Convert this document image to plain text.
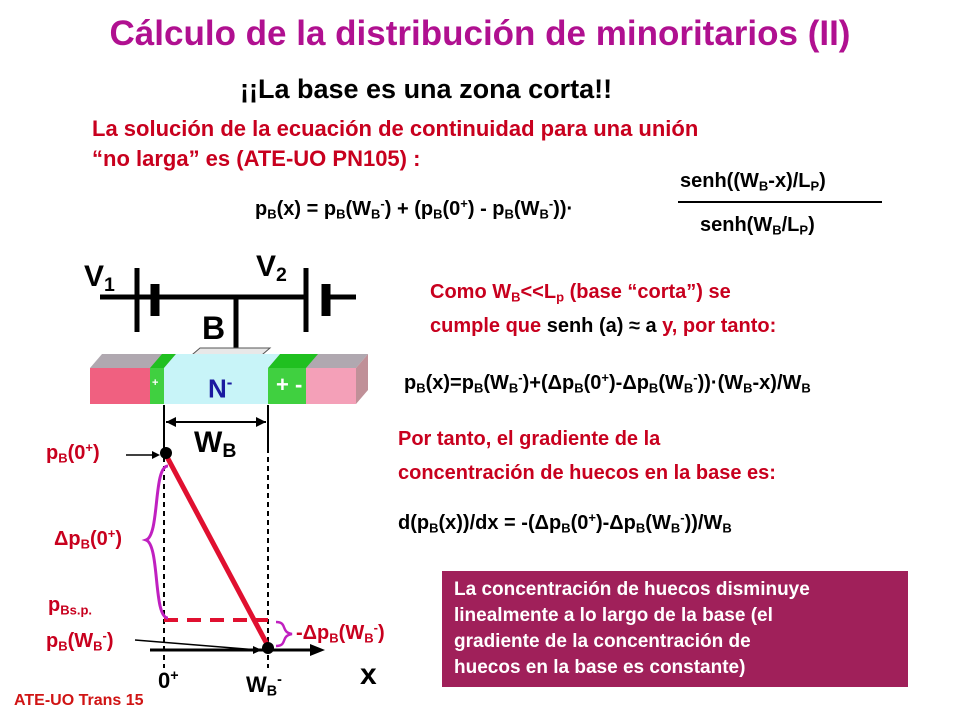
Cálculo de la distribución de minoritarios (II)
¡¡La base es una zona corta!!
La solución de la ecuación de continuidad para una unión
“no larga” es (ATE-UO PN105) :
$p_B(x) = p_B(W_B^-) + (p_B(0^+) - p_B(W_B^-))\cdot$
$senh((W_B-x)/L_P)$
$senh(W_B/L_P)$
Como $W_B<<L_p$ (base “corta”) se
cumple que senh (a) ≈ a y, por tanto:
$p_B(x)=p_B(W_B^-)+(\Delta p_B(0^+)-\Delta p_B(W_B^-))\cdot(W_B-x)/W_B$
Por tanto, el gradiente de la
concentración de huecos en la base es:
$d(p_B(x))/dx = -(\Delta p_B(0^+)-\Delta p_B(W_B^-))/W_B$
La concentración de huecos disminuye
linealmente a lo largo de la base (el
gradiente de la concentración de
huecos en la base es constante)
+
$V_1$
$V_2$
B
N- + -
$W_B$
$p_B(0^+)$
$\Delta p_B(0^+)$
$p_{Bs.p.}$
$p_B(W_B^-)$	$-\Delta p_B(W_B^-)$
0+	$W_B^-$	x
ATE-UO Trans 15
